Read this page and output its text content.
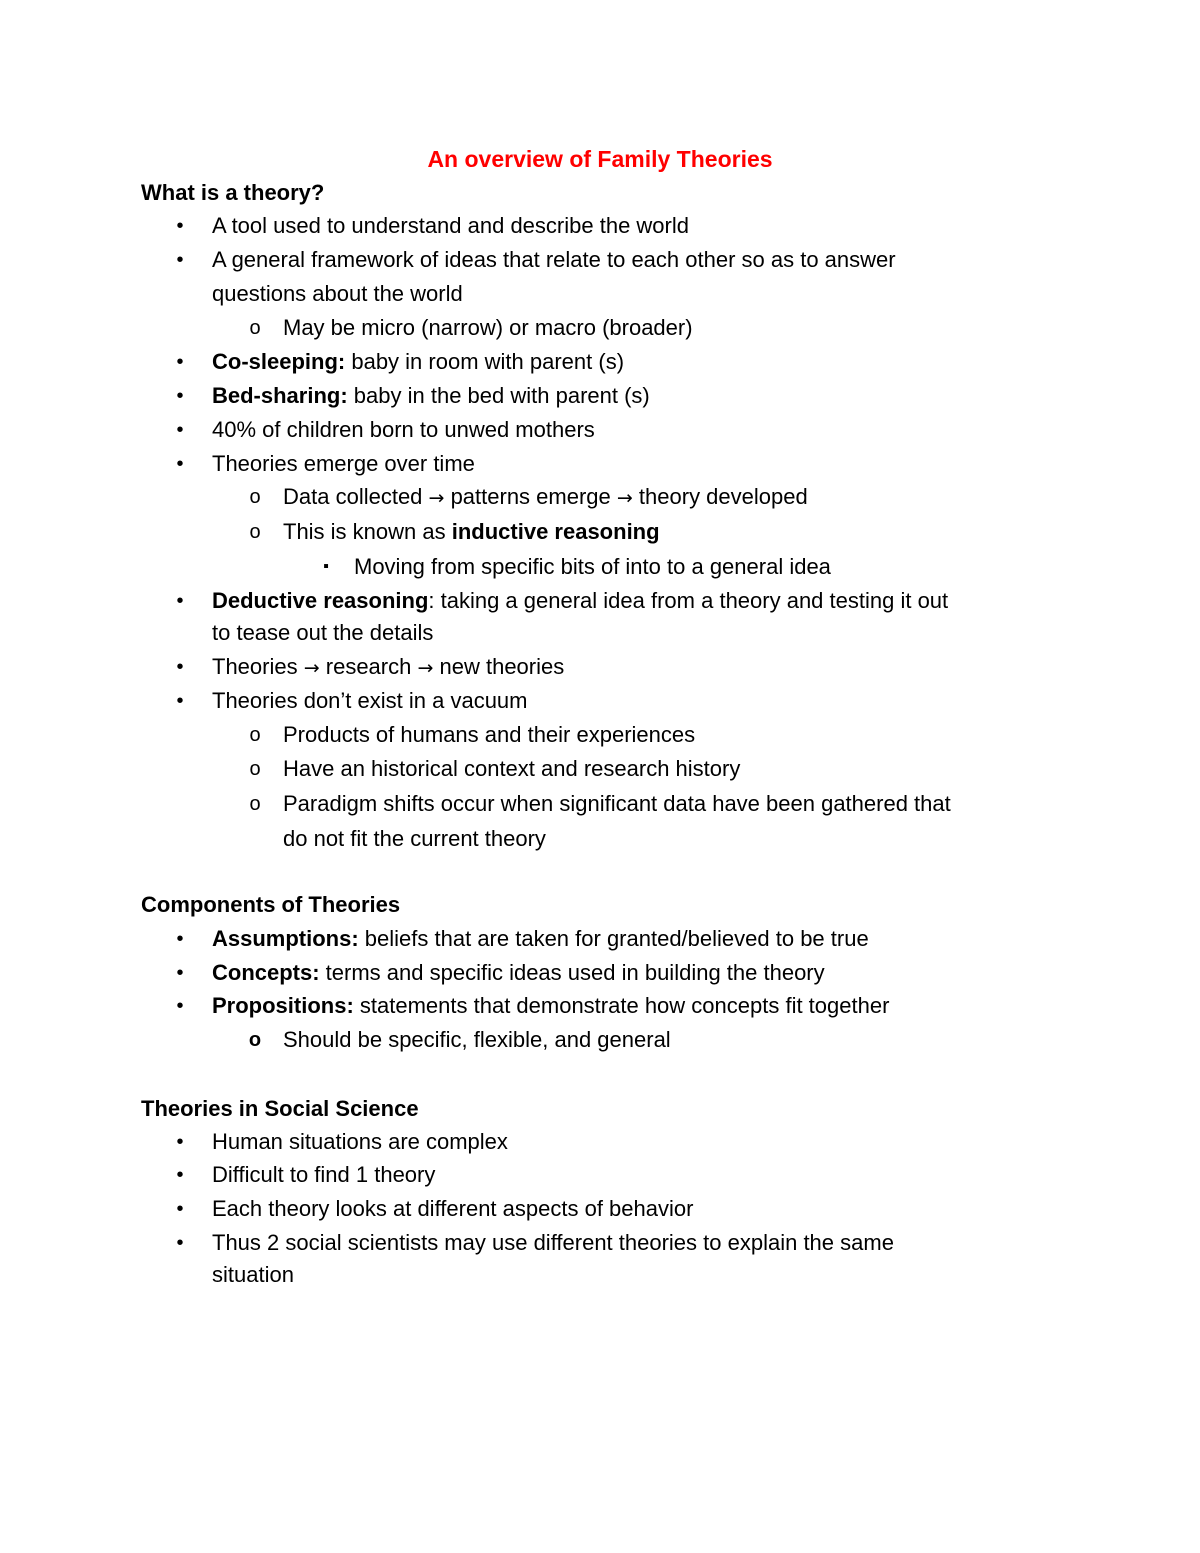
An overview of Family Theories
What is a theory?
• A tool used to understand and describe the world
• A general framework of ideas that relate to each other so as to answer
questions about the world
o May be micro (narrow) or macro (broader)
• Co-sleeping: baby in room with parent (s)
• Bed-sharing: baby in the bed with parent (s)
• 40% of children born to unwed mothers
• Theories emerge over time
o Data collected → patterns emerge → theory developed
o This is known as inductive reasoning
▪	Moving from specific bits of into to a general idea
• Deductive reasoning: taking a general idea from a theory and testing it out
to tease out the details
• Theories → research → new theories
• Theories don’t exist in a vacuum
o Products of humans and their experiences
o Have an historical context and research history
o Paradigm shifts occur when significant data have been gathered that
do not fit the current theory
Components of Theories
• Assumptions: beliefs that are taken for granted/believed to be true
• Concepts: terms and specific ideas used in building the theory
• Propositions: statements that demonstrate how concepts fit together
o Should be specific, flexible, and general
Theories in Social Science
• Human situations are complex
• Difficult to find 1 theory
• Each theory looks at different aspects of behavior
• Thus 2 social scientists may use different theories to explain the same
situation
